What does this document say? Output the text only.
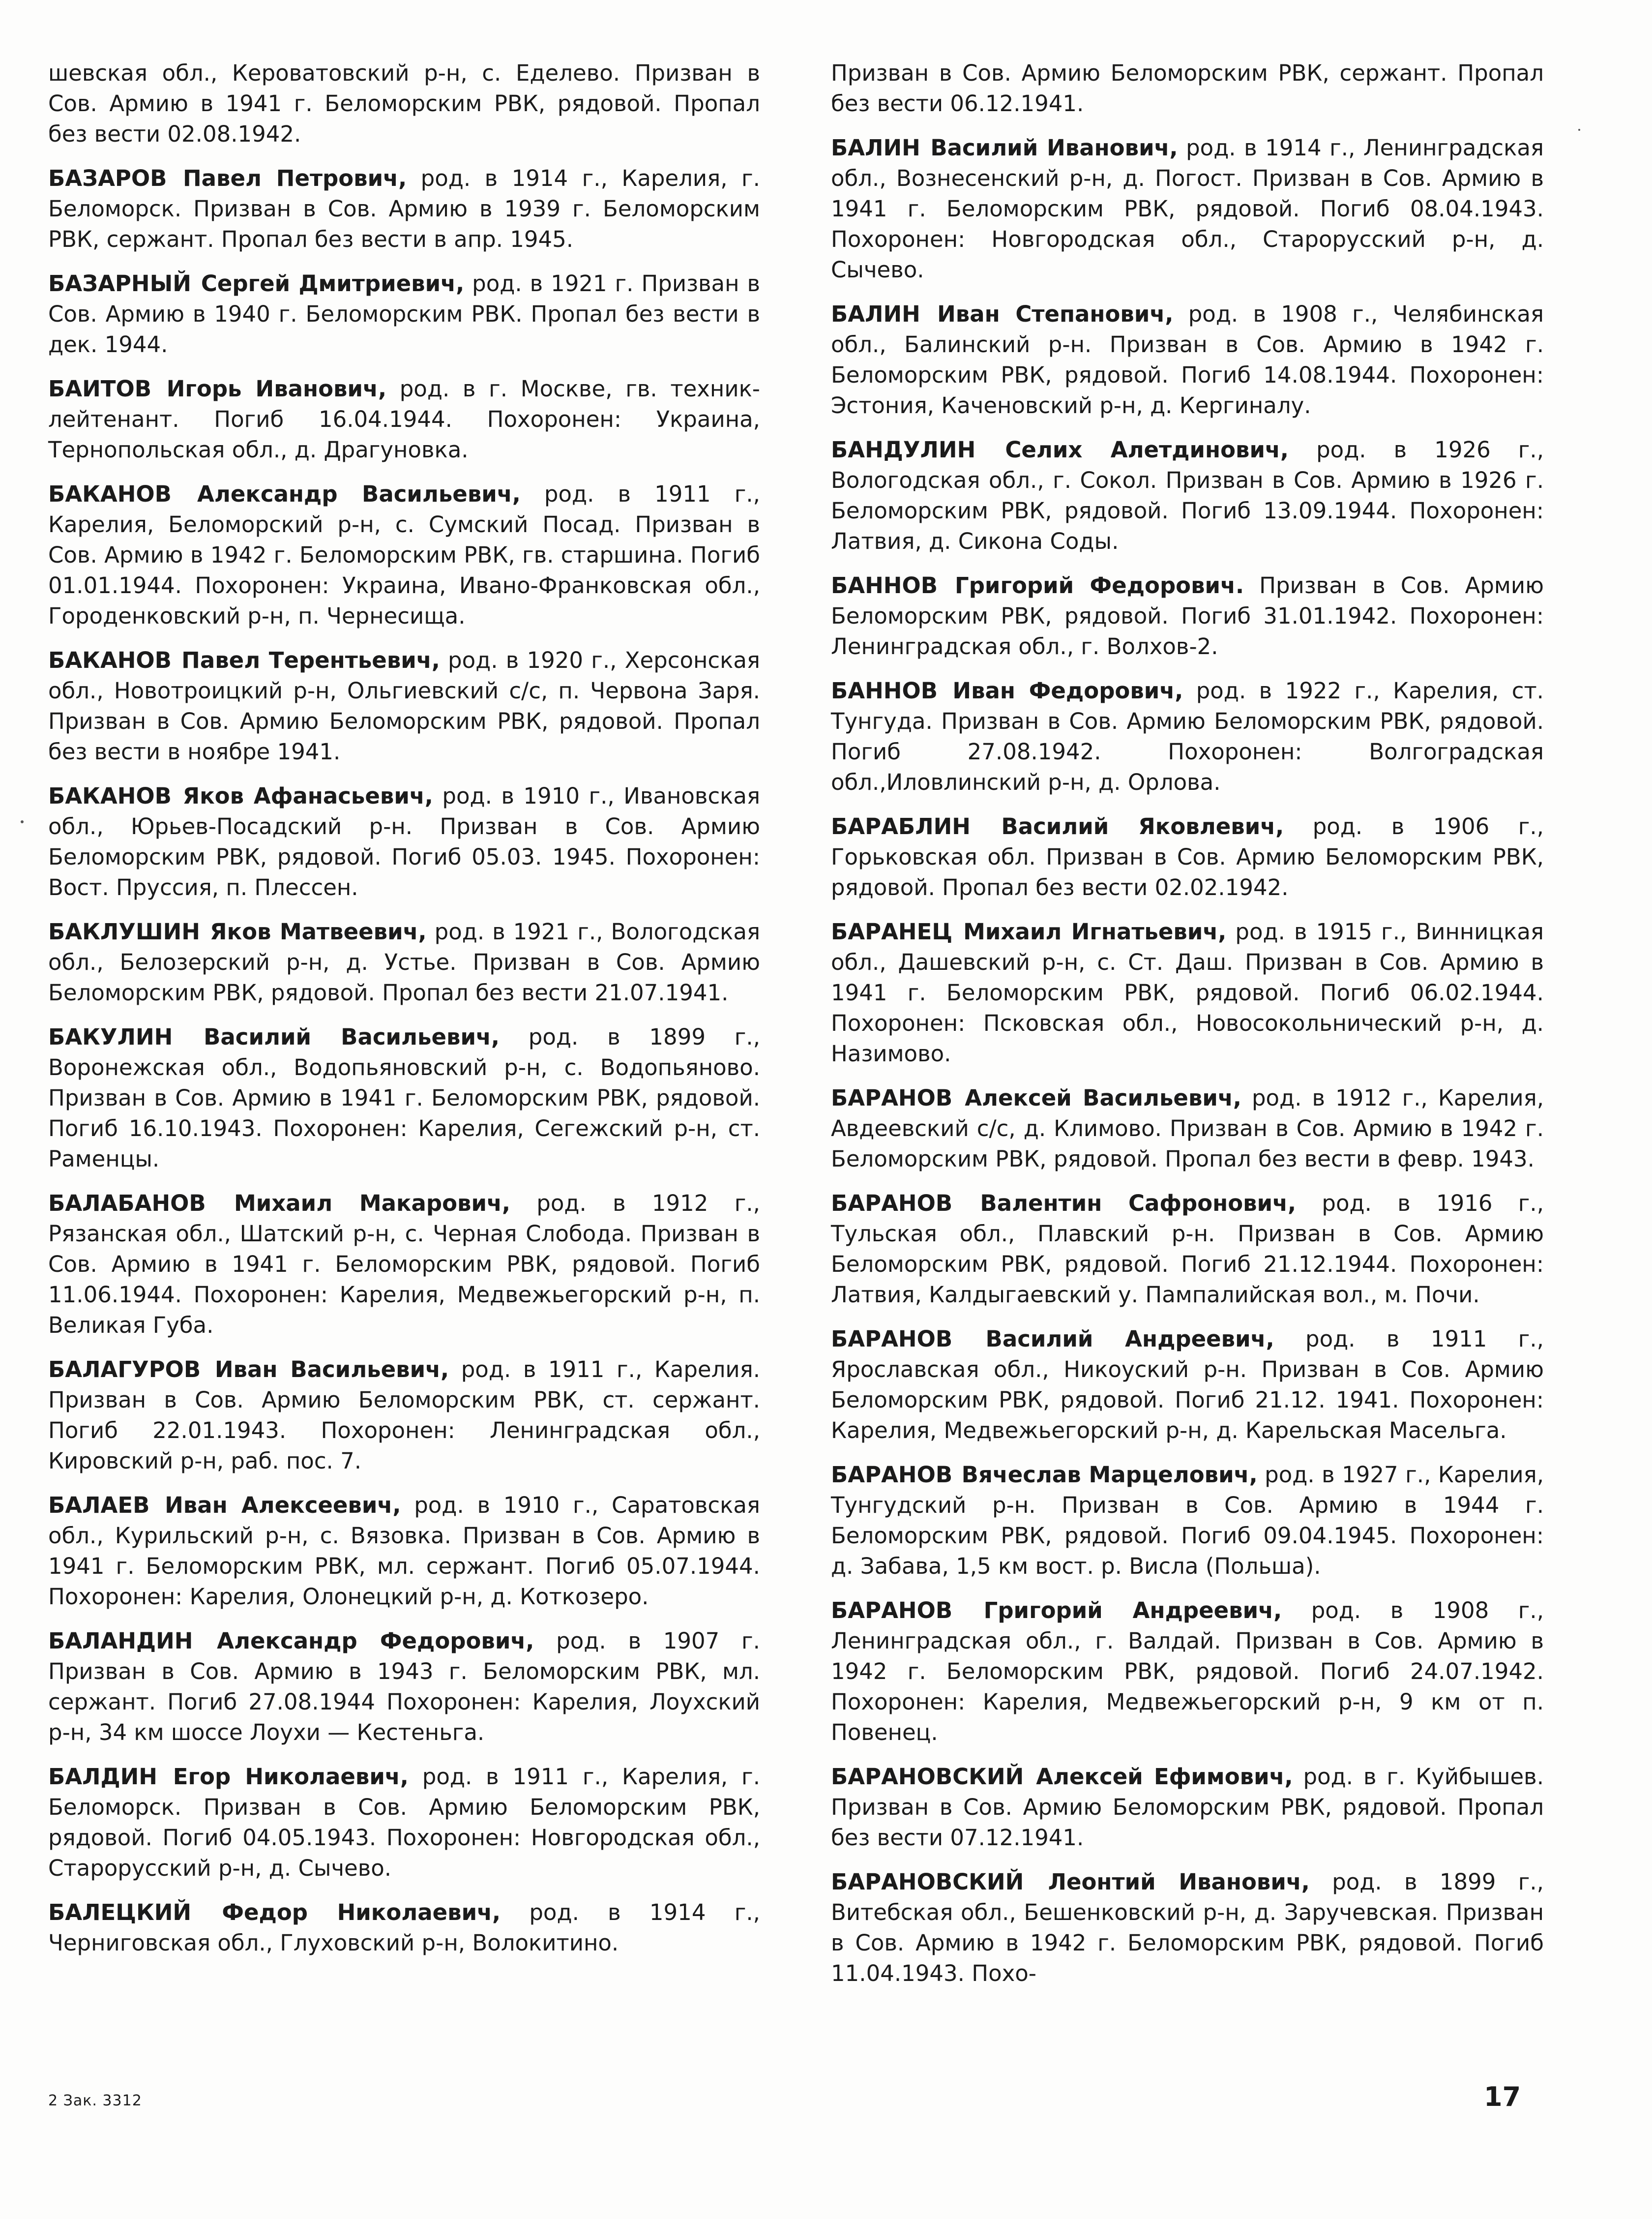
шевская обл., Кероватовский р-н, с. Еделево. Призван в Сов. Армию в 1941 г. Беломорским РВК, рядовой. Пропал без вести 02.08.1942.

БАЗАРОВ Павел Петрович, род. в 1914 г., Карелия, г. Беломорск. Призван в Сов. Армию в 1939 г. Беломорским РВК, сержант. Пропал без вести в апр. 1945.

БАЗАРНЫЙ Сергей Дмитриевич, род. в 1921 г. Призван в Сов. Армию в 1940 г. Беломорским РВК. Пропал без вести в дек. 1944.

БАИТОВ Игорь Иванович, род. в г. Москве, гв. техник-лейтенант. Погиб 16.04.1944. Похоронен: Украина, Тернопольская обл., д. Драгуновка.

БАКАНОВ Александр Васильевич, род. в 1911 г., Карелия, Беломорский р-н, с. Сумский Посад. Призван в Сов. Армию в 1942 г. Беломорским РВК, гв. старшина. Погиб 01.01.1944. Похоронен: Украина, Ивано-Франковская обл., Городенковский р-н, п. Чернесища.

БАКАНОВ Павел Терентьевич, род. в 1920 г., Херсонская обл., Новотроицкий р-н, Ольгиевский с/с, п. Червона Заря. Призван в Сов. Армию Беломорским РВК, рядовой. Пропал без вести в ноябре 1941.

БАКАНОВ Яков Афанасьевич, род. в 1910 г., Ивановская обл., Юрьев-Посадский р-н. Призван в Сов. Армию Беломорским РВК, рядовой. Погиб 05.03. 1945. Похоронен: Вост. Пруссия, п. Плессен.

БАКЛУШИН Яков Матвеевич, род. в 1921 г., Вологодская обл., Белозерский р-н, д. Устье. Призван в Сов. Армию Беломорским РВК, рядовой. Пропал без вести 21.07.1941.

БАКУЛИН Василий Васильевич, род. в 1899 г., Воронежская обл., Водопьяновский р-н, с. Водопьяново. Призван в Сов. Армию в 1941 г. Беломорским РВК, рядовой. Погиб 16.10.1943. Похоронен: Карелия, Сегежский р-н, ст. Раменцы.

БАЛАБАНОВ Михаил Макарович, род. в 1912 г., Рязанская обл., Шатский р-н, с. Черная Слобода. Призван в Сов. Армию в 1941 г. Беломорским РВК, рядовой. Погиб 11.06.1944. Похоронен: Карелия, Медвежьегорский р-н, п. Великая Губа.

БАЛАГУРОВ Иван Васильевич, род. в 1911 г., Карелия. Призван в Сов. Армию Беломорским РВК, ст. сержант. Погиб 22.01.1943. Похоронен: Ленинградская обл., Кировский р-н, раб. пос. 7.

БАЛАЕВ Иван Алексеевич, род. в 1910 г., Саратовская обл., Курильский р-н, с. Вязовка. Призван в Сов. Армию в 1941 г. Беломорским РВК, мл. сержант. Погиб 05.07.1944. Похоронен: Карелия, Олонецкий р-н, д. Коткозеро.

БАЛАНДИН Александр Федорович, род. в 1907 г. Призван в Сов. Армию в 1943 г. Беломорским РВК, мл. сержант. Погиб 27.08.1944 Похоронен: Карелия, Лоухский р-н, 34 км шоссе Лоухи — Кестеньга.

БАЛДИН Егор Николаевич, род. в 1911 г., Карелия, г. Беломорск. Призван в Сов. Армию Беломорским РВК, рядовой. Погиб 04.05.1943. Похоронен: Новгородская обл., Старорусский р-н, д. Сычево.

БАЛЕЦКИЙ Федор Николаевич, род. в 1914 г., Черниговская обл., Глуховский р-н, Волокитино.

Призван в Сов. Армию Беломорским РВК, сержант. Пропал без вести 06.12.1941.

БАЛИН Василий Иванович, род. в 1914 г., Ленинградская обл., Вознесенский р-н, д. Погост. Призван в Сов. Армию в 1941 г. Беломорским РВК, рядовой. Погиб 08.04.1943. Похоронен: Новгородская обл., Старорусский р-н, д. Сычево.

БАЛИН Иван Степанович, род. в 1908 г., Челябинская обл., Балинский р-н. Призван в Сов. Армию в 1942 г. Беломорским РВК, рядовой. Погиб 14.08.1944. Похоронен: Эстония, Каченовский р-н, д. Кергиналу.

БАНДУЛИН Селих Алетдинович, род. в 1926 г., Вологодская обл., г. Сокол. Призван в Сов. Армию в 1926 г. Беломорским РВК, рядовой. Погиб 13.09.1944. Похоронен: Латвия, д. Сикона Соды.

БАННОВ Григорий Федорович. Призван в Сов. Армию Беломорским РВК, рядовой. Погиб 31.01.1942. Похоронен: Ленинградская обл., г. Волхов-2.

БАННОВ Иван Федорович, род. в 1922 г., Карелия, ст. Тунгуда. Призван в Сов. Армию Беломорским РВК, рядовой. Погиб 27.08.1942. Похоронен: Волгоградская обл.,Иловлинский р-н, д. Орлова.

БАРАБЛИН Василий Яковлевич, род. в 1906 г., Горьковская обл. Призван в Сов. Армию Беломорским РВК, рядовой. Пропал без вести 02.02.1942.

БАРАНЕЦ Михаил Игнатьевич, род. в 1915 г., Винницкая обл., Дашевский р-н, с. Ст. Даш. Призван в Сов. Армию в 1941 г. Беломорским РВК, рядовой. Погиб 06.02.1944. Похоронен: Псковская обл., Новосокольнический р-н, д. Назимово.

БАРАНОВ Алексей Васильевич, род. в 1912 г., Карелия, Авдеевский с/с, д. Климово. Призван в Сов. Армию в 1942 г. Беломорским РВК, рядовой. Пропал без вести в февр. 1943.

БАРАНОВ Валентин Сафронович, род. в 1916 г., Тульская обл., Плавский р-н. Призван в Сов. Армию Беломорским РВК, рядовой. Погиб 21.12.1944. Похоронен: Латвия, Калдыгаевский у. Пампалийская вол., м. Почи.

БАРАНОВ Василий Андреевич, род. в 1911 г., Ярославская обл., Никоуский р-н. Призван в Сов. Армию Беломорским РВК, рядовой. Погиб 21.12. 1941. Похоронен: Карелия, Медвежьегорский р-н, д. Карельская Масельга.

БАРАНОВ Вячеслав Марцелович, род. в 1927 г., Карелия, Тунгудский р-н. Призван в Сов. Армию в 1944 г. Беломорским РВК, рядовой. Погиб 09.04.1945. Похоронен: д. Забава, 1,5 км вост. р. Висла (Польша).

БАРАНОВ Григорий Андреевич, род. в 1908 г., Ленинградская обл., г. Валдай. Призван в Сов. Армию в 1942 г. Беломорским РВК, рядовой. Погиб 24.07.1942. Похоронен: Карелия, Медвежьегорский р-н, 9 км от п. Повенец.

БАРАНОВСКИЙ Алексей Ефимович, род. в г. Куйбышев. Призван в Сов. Армию Беломорским РВК, рядовой. Пропал без вести 07.12.1941.

БАРАНОВСКИЙ Леонтий Иванович, род. в 1899 г., Витебская обл., Бешенковский р-н, д. Заручевская. Призван в Сов. Армию в 1942 г. Беломорским РВК, рядовой. Погиб 11.04.1943. Похо-

2 Зак. 3312	17
